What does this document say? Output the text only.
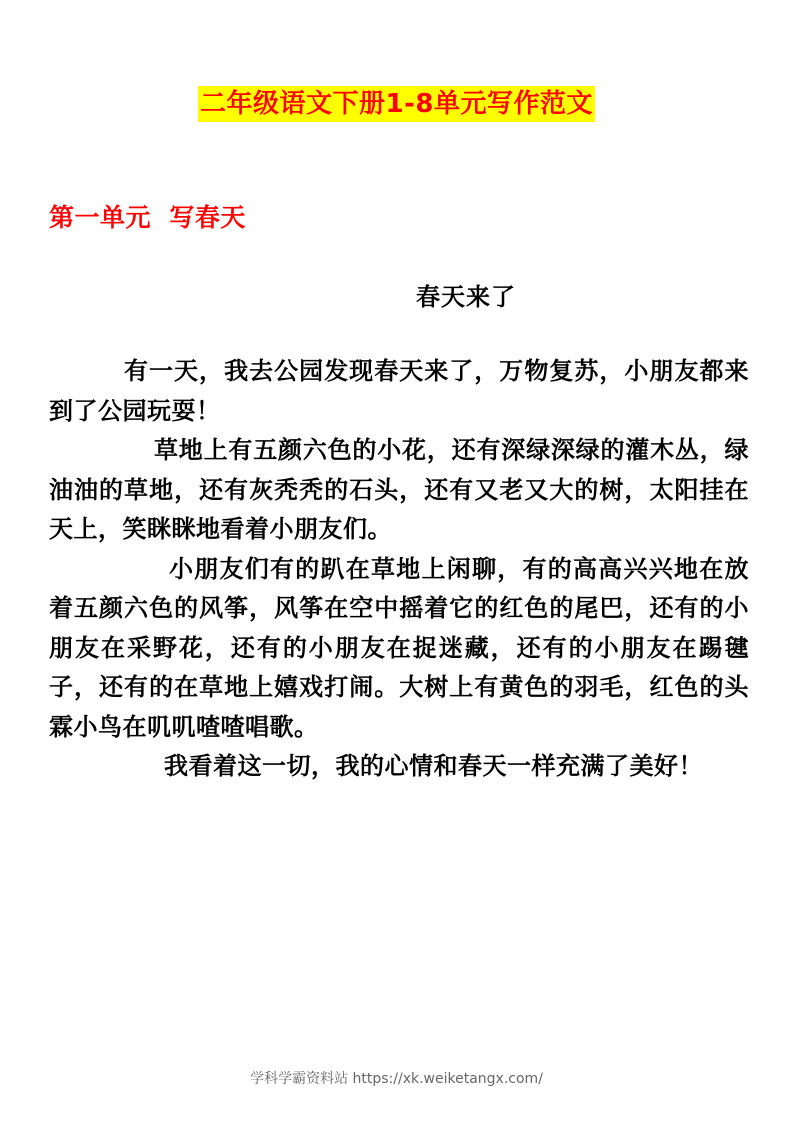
二年级语文下册1-8单元写作范文
第一单元  写春天
春天来了

有一天，我去公园发现春天来了，万物复苏，小朋友都来到了公园玩耍！

草地上有五颜六色的小花，还有深绿深绿的灌木丛，绿油油的草地，还有灰秃秃的石头，还有又老又大的树，太阳挂在天上，笑眯眯地看着小朋友们。

小朋友们有的趴在草地上闲聊，有的高高兴兴地在放着五颜六色的风筝，风筝在空中摇着它的红色的尾巴，还有的小朋友在采野花，还有的小朋友在捉迷藏，还有的小朋友在踢毽子，还有的在草地上嬉戏打闹。大树上有黄色的羽毛，红色的头霖小鸟在叽叽喳喳唱歌。

我看着这一切，我的心情和春天一样充满了美好！

学科学霸资料站 https://xk.weiketangx.com/
